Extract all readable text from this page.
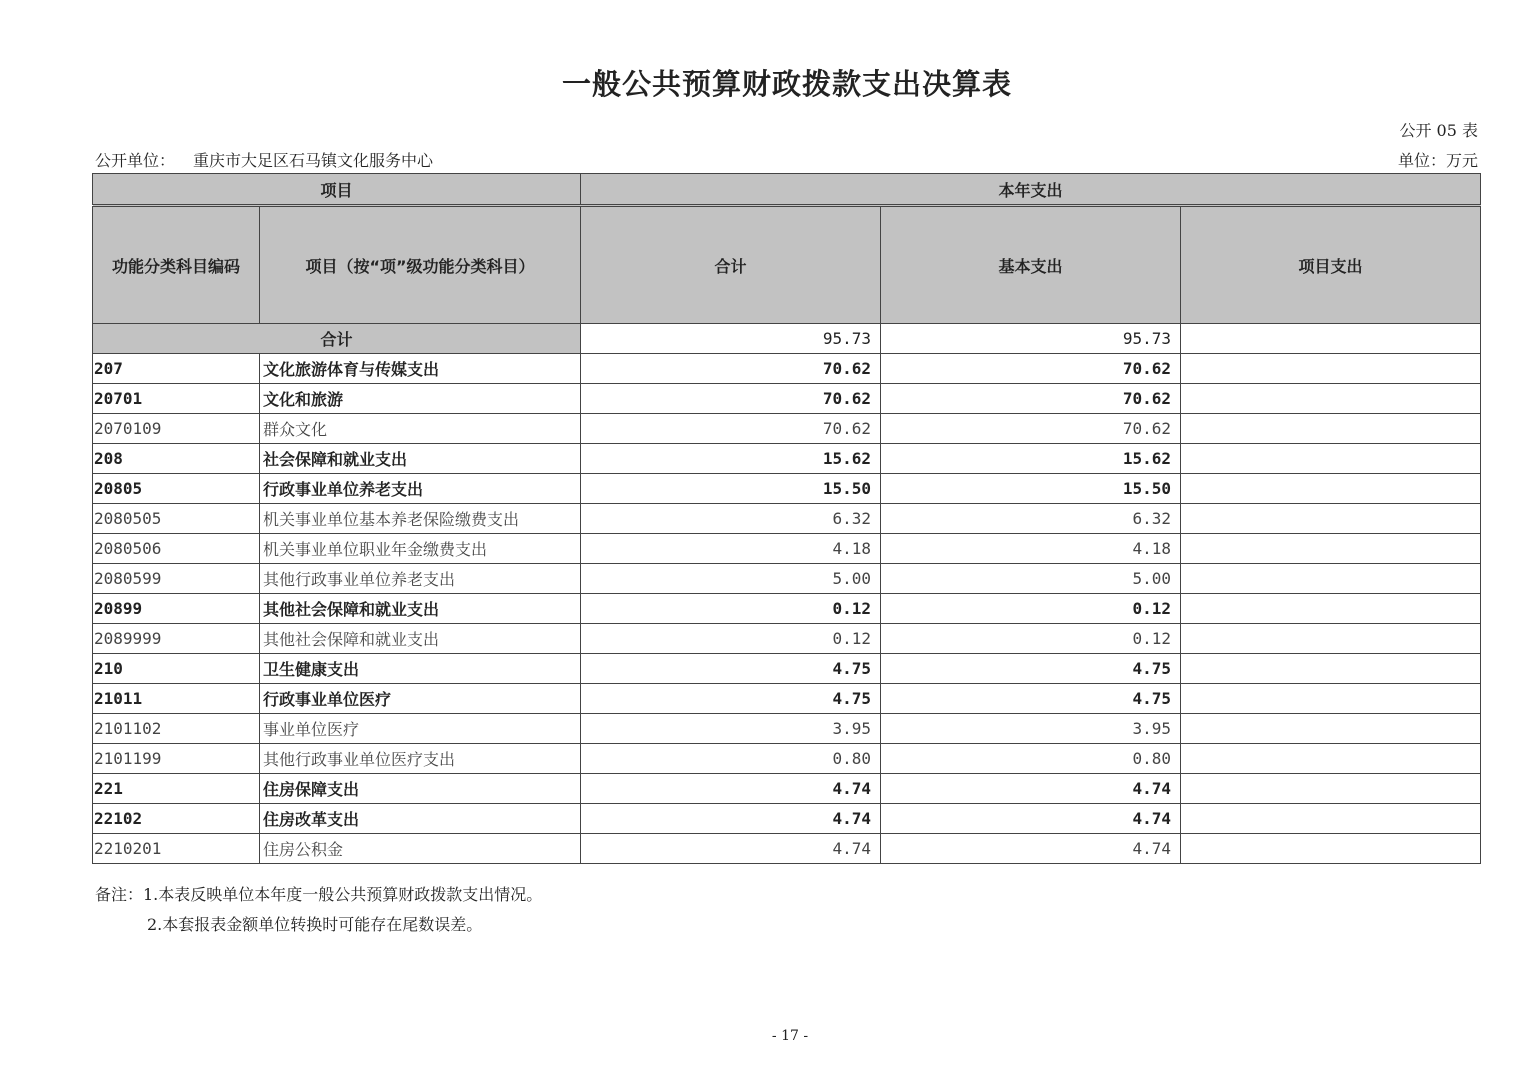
一般公共预算财政拨款支出决算表
公开 05 表
公开单位： 重庆市大足区石马镇文化服务中心	单位：万元
项目		本年支出		
功能分类科目编码	项目（按“项”级功能分类科目）	合计	基本支出	项目支出
合计		95.73	95.73	
207	文化旅游体育与传媒支出	70.62	70.62	
20701	文化和旅游	70.62	70.62	
2070109	群众文化	70.62	70.62	
208	社会保障和就业支出	15.62	15.62	
20805	行政事业单位养老支出	15.50	15.50	
2080505	机关事业单位基本养老保险缴费支出	6.32	6.32	
2080506	机关事业单位职业年金缴费支出	4.18	4.18	
2080599	其他行政事业单位养老支出	5.00	5.00	
20899	其他社会保障和就业支出	0.12	0.12	
2089999	其他社会保障和就业支出	0.12	0.12	
210	卫生健康支出	4.75	4.75	
21011	行政事业单位医疗	4.75	4.75	
2101102	事业单位医疗	3.95	3.95	
2101199	其他行政事业单位医疗支出	0.80	0.80	
221	住房保障支出	4.74	4.74	
22102	住房改革支出	4.74	4.74	
2210201	住房公积金	4.74	4.74	
备注：1.本表反映单位本年度一般公共预算财政拨款支出情况。
2.本套报表金额单位转换时可能存在尾数误差。
- 17 -
